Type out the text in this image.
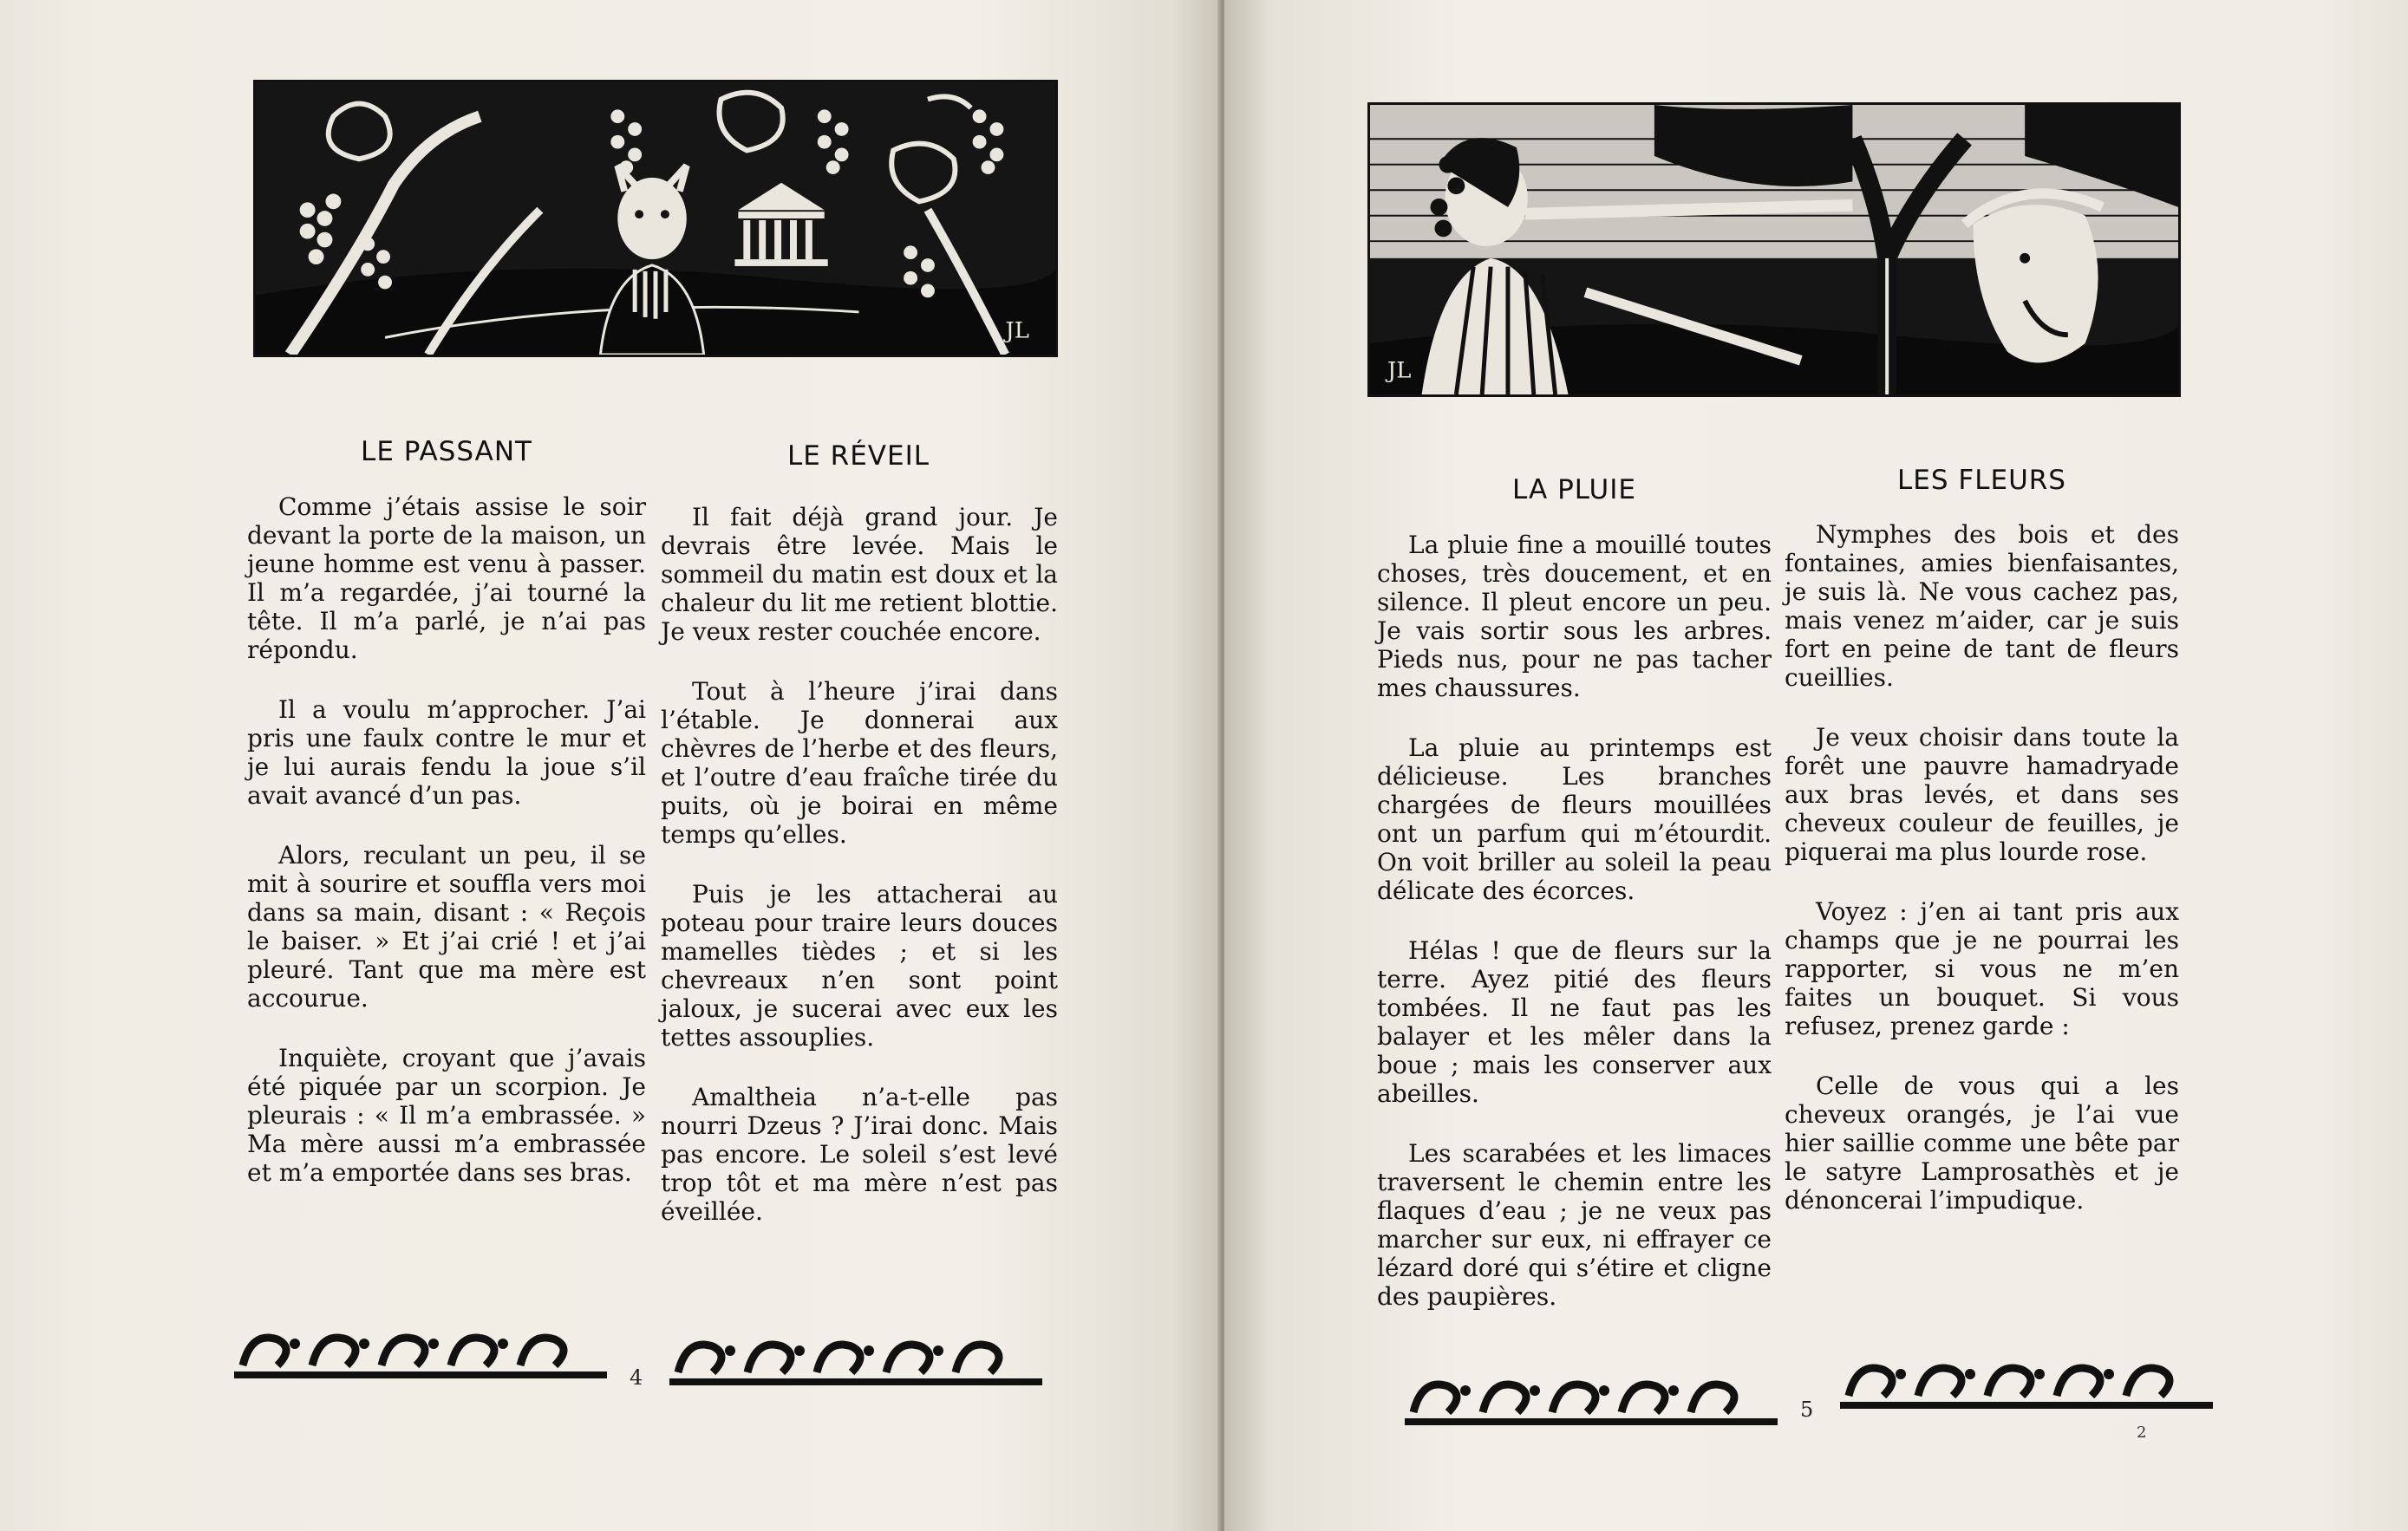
JL
LE PASSANT

Comme j’étais assise le soir devant la porte de la maison, un jeune homme est venu à passer. Il m’a regardée, j’ai tourné la tête. Il m’a parlé, je n’ai pas répondu.

Il a voulu m’approcher. J’ai pris une faulx contre le mur et je lui aurais fendu la joue s’il avait avancé d’un pas.

Alors, reculant un peu, il se mit à sourire et souffla vers moi dans sa main, disant : « Reçois le baiser. » Et j’ai crié ! et j’ai pleuré. Tant que ma mère est accourue.

Inquiète, croyant que j’avais été piquée par un scorpion. Je pleurais : « Il m’a embrassée. » Ma mère aussi m’a embrassée et m’a emportée dans ses bras.

LE RÉVEIL

Il fait déjà grand jour. Je devrais être levée. Mais le sommeil du matin est doux et la chaleur du lit me retient blottie. Je veux rester couchée encore.

Tout à l’heure j’irai dans l’étable. Je donnerai aux chèvres de l’herbe et des fleurs, et l’outre d’eau fraîche tirée du puits, où je boirai en même temps qu’elles.

Puis je les attacherai au poteau pour traire leurs douces mamelles tièdes ; et si les chevreaux n’en sont point jaloux, je sucerai avec eux les tettes assouplies.

Amaltheia n’a-t-elle pas nourri Dzeus ? J’irai donc. Mais pas encore. Le soleil s’est levé trop tôt et ma mère n’est pas éveillée.

4
JL
LA PLUIE

La pluie fine a mouillé toutes choses, très doucement, et en silence. Il pleut encore un peu. Je vais sortir sous les arbres. Pieds nus, pour ne pas tacher mes chaussures.

La pluie au printemps est délicieuse. Les branches chargées de fleurs mouillées ont un parfum qui m’étourdit. On voit briller au soleil la peau délicate des écorces.

Hélas ! que de fleurs sur la terre. Ayez pitié des fleurs tombées. Il ne faut pas les balayer et les mêler dans la boue ; mais les conserver aux abeilles.

Les scarabées et les limaces traversent le chemin entre les flaques d’eau ; je ne veux pas marcher sur eux, ni effrayer ce lézard doré qui s’étire et cligne des paupières.

LES FLEURS

Nymphes des bois et des fontaines, amies bienfaisantes, je suis là. Ne vous cachez pas, mais venez m’aider, car je suis fort en peine de tant de fleurs cueillies.

Je veux choisir dans toute la forêt une pauvre hamadryade aux bras levés, et dans ses cheveux couleur de feuilles, je piquerai ma plus lourde rose.

Voyez : j’en ai tant pris aux champs que je ne pourrai les rapporter, si vous ne m’en faites un bouquet. Si vous refusez, prenez garde :

Celle de vous qui a les cheveux orangés, je l’ai vue hier saillie comme une bête par le satyre Lamprosathès et je dénoncerai l’impudique.

5
2
